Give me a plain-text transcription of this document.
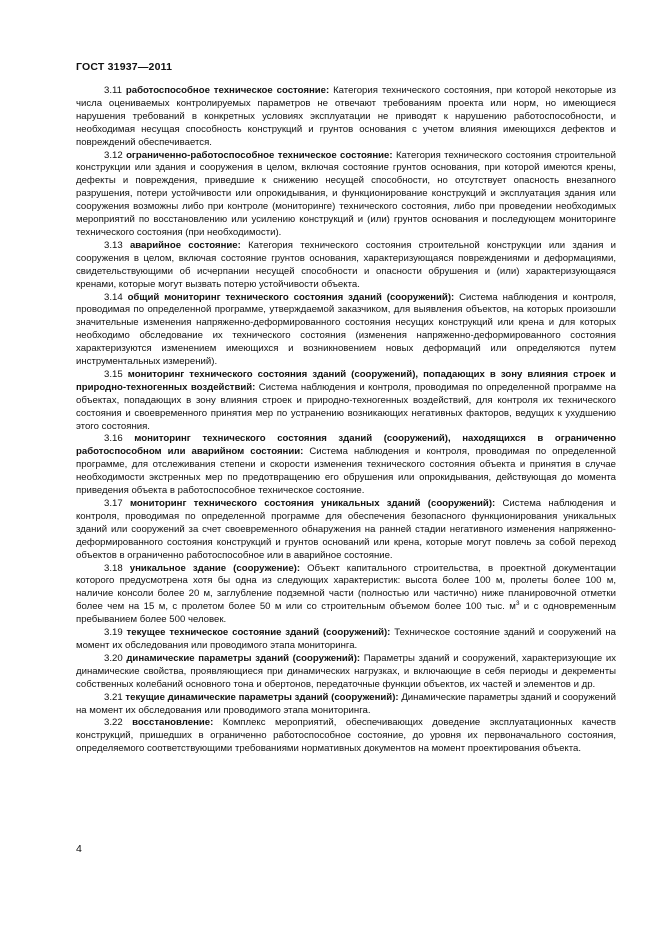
ГОСТ 31937—2011

3.11 работоспособное техническое состояние: Категория технического состояния, при которой некоторые из числа оцениваемых контролируемых параметров не отвечают требованиям проекта или норм, но имеющиеся нарушения требований в конкретных условиях эксплуатации не приводят к нарушению работоспособности, и необходимая несущая способность конструкций и грунтов основания с учетом влияния имеющихся дефектов и повреждений обеспечивается.

3.12 ограниченно-работоспособное техническое состояние: Категория технического состояния строительной конструкции или здания и сооружения в целом, включая состояние грунтов основания, при которой имеются крены, дефекты и повреждения, приведшие к снижению несущей способности, но отсутствует опасность внезапного разрушения, потери устойчивости или опрокидывания, и функционирование конструкций и эксплуатация здания или сооружения возможны либо при контроле (мониторинге) технического состояния, либо при проведении необходимых мероприятий по восстановлению или усилению конструкций и (или) грунтов основания и последующем мониторинге технического состояния (при необходимости).

3.13 аварийное состояние: Категория технического состояния строительной конструкции или здания и сооружения в целом, включая состояние грунтов основания, характеризующаяся повреждениями и деформациями, свидетельствующими об исчерпании несущей способности и опасности обрушения и (или) характеризующаяся кренами, которые могут вызвать потерю устойчивости объекта.

3.14 общий мониторинг технического состояния зданий (сооружений): Система наблюдения и контроля, проводимая по определенной программе, утверждаемой заказчиком, для выявления объектов, на которых произошли значительные изменения напряженно-деформированного состояния несущих конструкций или крена и для которых необходимо обследование их технического состояния (изменения напряженно-деформированного состояния характеризуются изменением имеющихся и возникновением новых деформаций или определяются путем инструментальных измерений).

3.15 мониторинг технического состояния зданий (сооружений), попадающих в зону влияния строек и природно-техногенных воздействий: Система наблюдения и контроля, проводимая по определенной программе на объектах, попадающих в зону влияния строек и природно-техногенных воздействий, для контроля их технического состояния и своевременного принятия мер по устранению возникающих негативных факторов, ведущих к ухудшению этого состояния.

3.16 мониторинг технического состояния зданий (сооружений), находящихся в ограниченно работоспособном или аварийном состоянии: Система наблюдения и контроля, проводимая по определенной программе, для отслеживания степени и скорости изменения технического состояния объекта и принятия в случае необходимости экстренных мер по предотвращению его обрушения или опрокидывания, действующая до момента приведения объекта в работоспособное техническое состояние.

3.17 мониторинг технического состояния уникальных зданий (сооружений): Система наблюдения и контроля, проводимая по определенной программе для обеспечения безопасного функционирования уникальных зданий или сооружений за счет своевременного обнаружения на ранней стадии негативного изменения напряженно-деформированного состояния конструкций и грунтов оснований или крена, которые могут повлечь за собой переход объектов в ограниченно работоспособное или в аварийное состояние.

3.18 уникальное здание (сооружение): Объект капитального строительства, в проектной документации которого предусмотрена хотя бы одна из следующих характеристик: высота более 100 м, пролеты более 100 м, наличие консоли более 20 м, заглубление подземной части (полностью или частично) ниже планировочной отметки более чем на 15 м, с пролетом более 50 м или со строительным объемом более 100 тыс. $м^3$ и с одновременным пребыванием более 500 человек.

3.19 текущее техническое состояние зданий (сооружений): Техническое состояние зданий и сооружений на момент их обследования или проводимого этапа мониторинга.

3.20 динамические параметры зданий (сооружений): Параметры зданий и сооружений, характеризующие их динамические свойства, проявляющиеся при динамических нагрузках, и включающие в себя периоды и декременты собственных колебаний основного тона и обертонов, передаточные функции объектов, их частей и элементов и др.

3.21 текущие динамические параметры зданий (сооружений): Динамические параметры зданий и сооружений на момент их обследования или проводимого этапа мониторинга.

3.22 восстановление: Комплекс мероприятий, обеспечивающих доведение эксплуатационных качеств конструкций, пришедших в ограниченно работоспособное состояние, до уровня их первоначального состояния, определяемого соответствующими требованиями нормативных документов на момент проектирования объекта.

4
